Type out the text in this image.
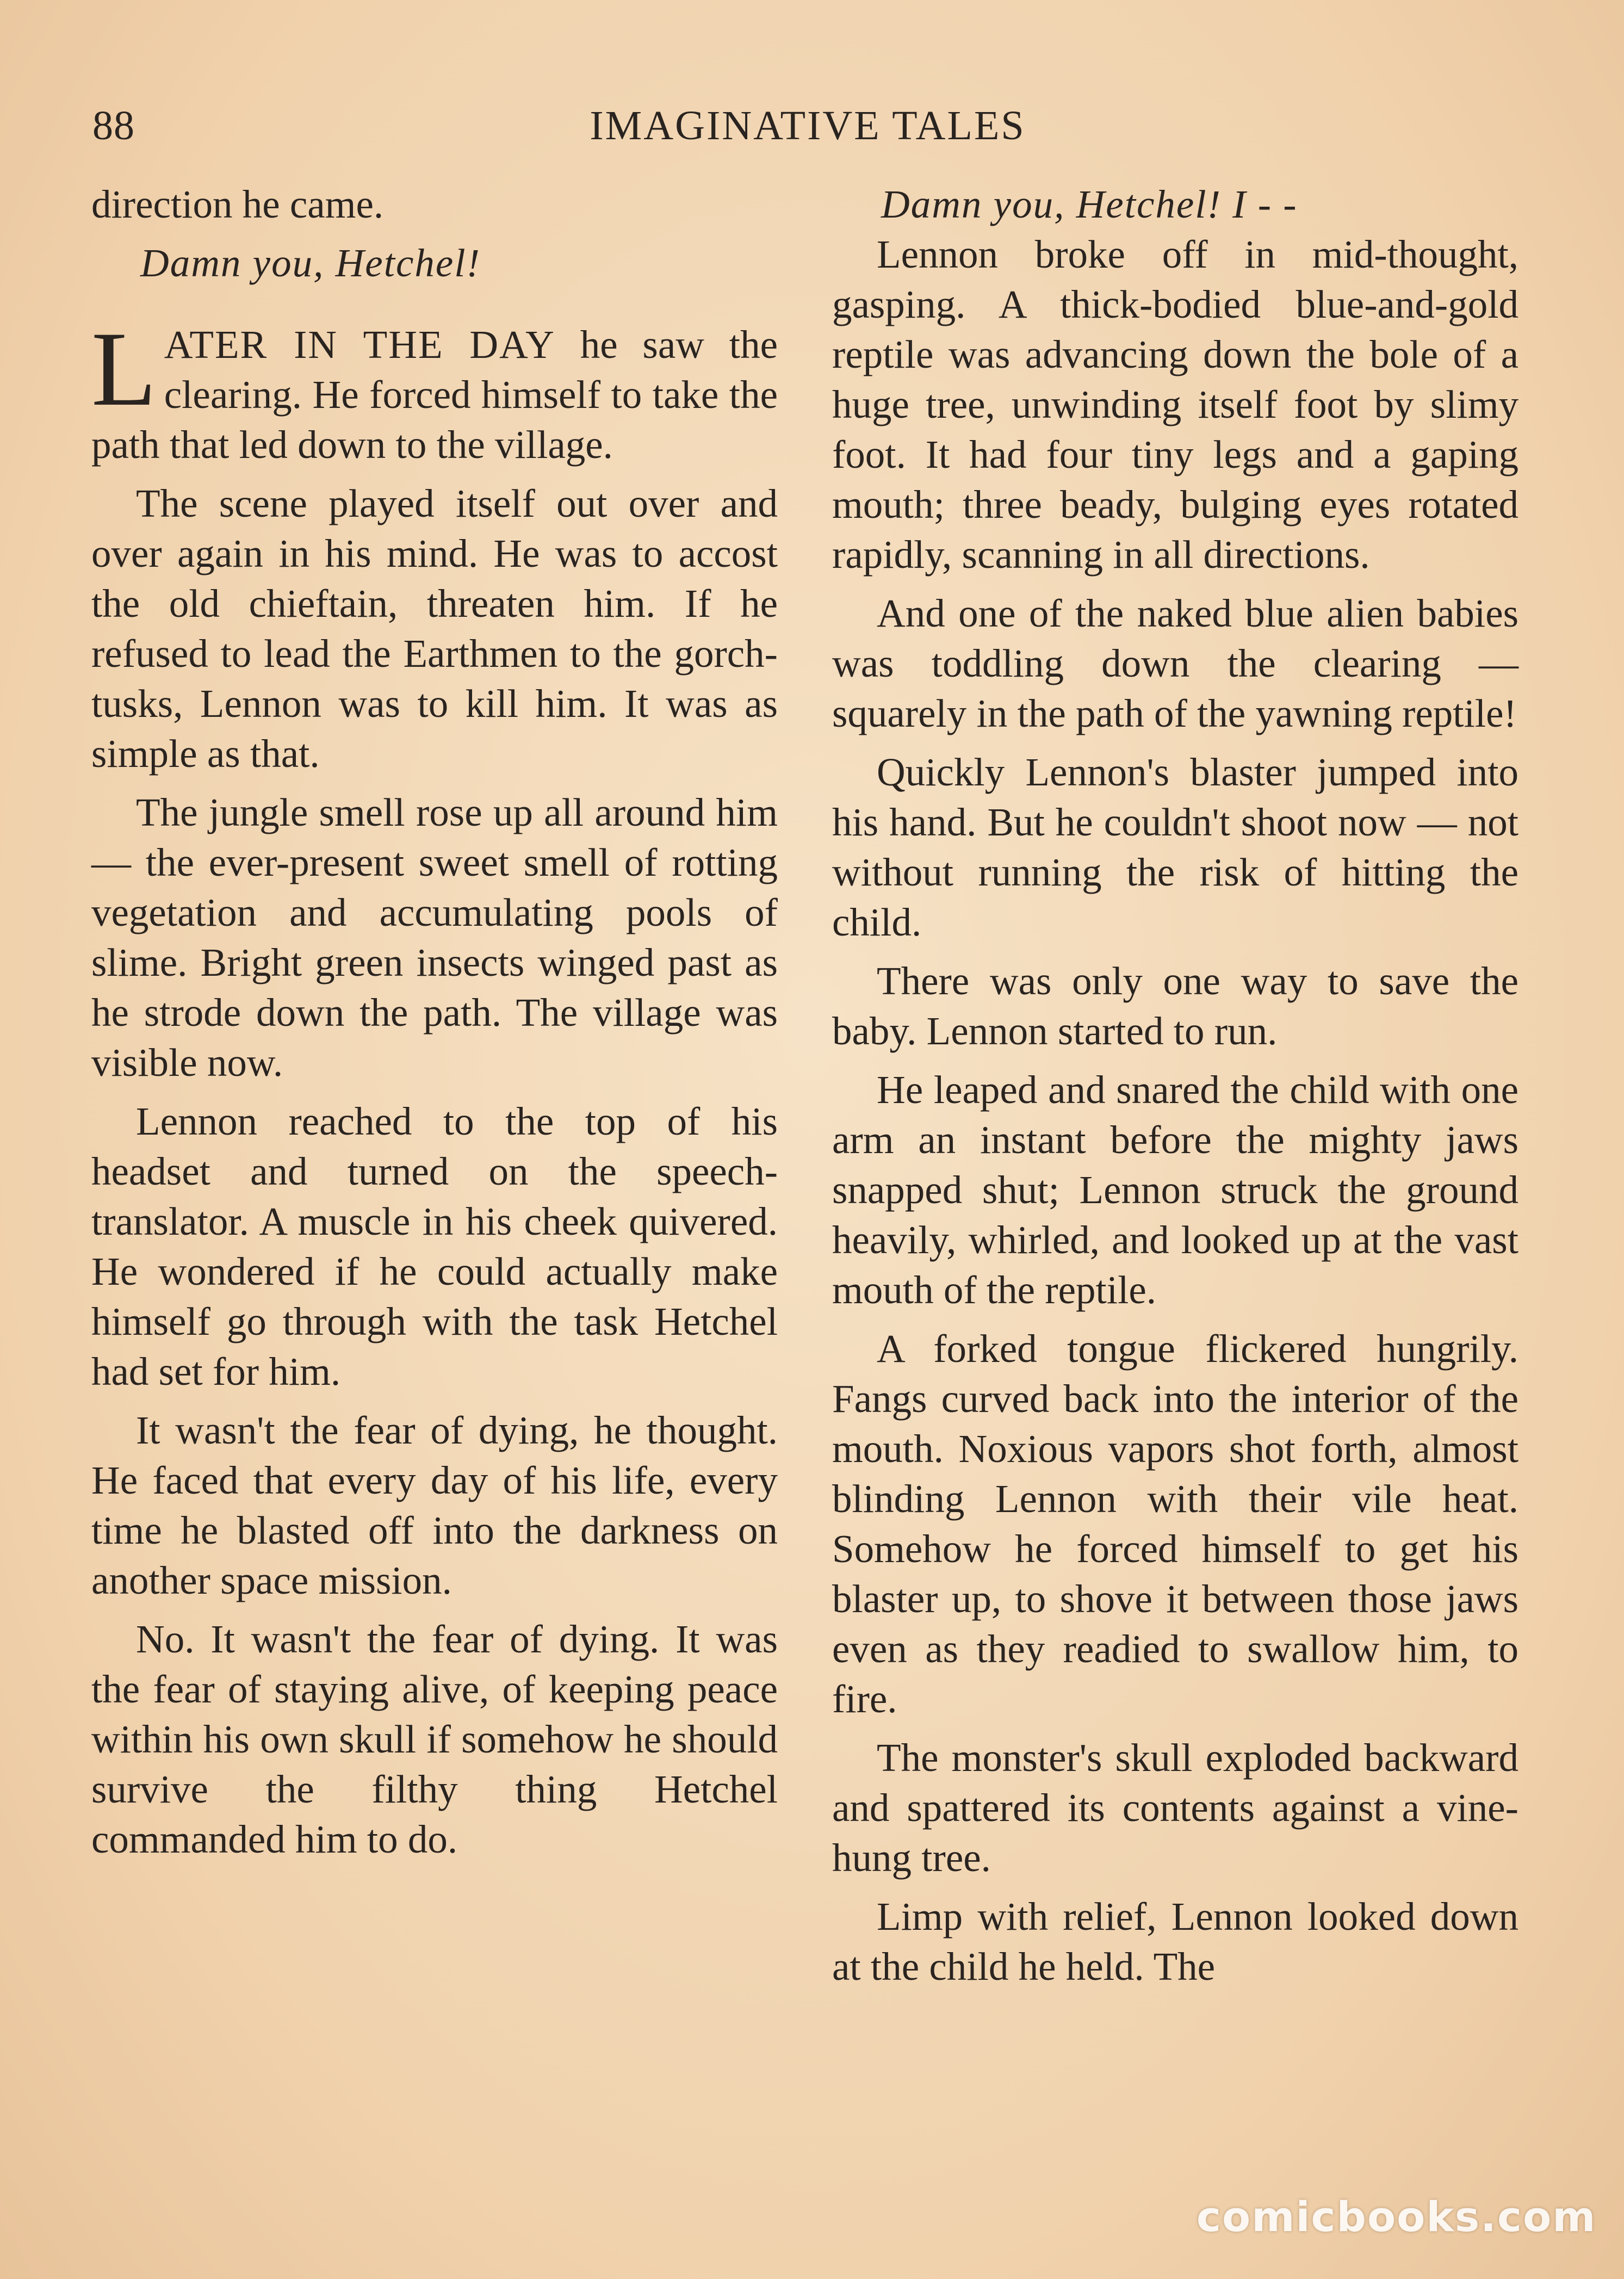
88	IMAGINATIVE TALES

direction he came.

Damn you, Hetchel!

LATER IN THE DAY he saw the clearing. He forced himself to take the path that led down to the village.

The scene played itself out over and over again in his mind. He was to accost the old chieftain, threaten him. If he refused to lead the Earthmen to the gorch-tusks, Lennon was to kill him. It was as simple as that.

The jungle smell rose up all around him — the ever-present sweet smell of rotting vegetation and accumulating pools of slime. Bright green insects winged past as he strode down the path. The village was visible now.

Lennon reached to the top of his headset and turned on the speech-translator. A muscle in his cheek quivered. He wondered if he could actually make himself go through with the task Hetchel had set for him.

It wasn't the fear of dying, he thought. He faced that every day of his life, every time he blasted off into the darkness on another space mission.

No. It wasn't the fear of dying. It was the fear of staying alive, of keeping peace within his own skull if somehow he should survive the filthy thing Hetchel commanded him to do.

Damn you, Hetchel! I - -

Lennon broke off in mid-thought, gasping. A thick-bodied blue-and-gold reptile was advancing down the bole of a huge tree, unwinding itself foot by slimy foot. It had four tiny legs and a gaping mouth; three beady, bulging eyes rotated rapidly, scanning in all directions.

And one of the naked blue alien babies was toddling down the clearing — squarely in the path of the yawning reptile!

Quickly Lennon's blaster jumped into his hand. But he couldn't shoot now — not without running the risk of hitting the child.

There was only one way to save the baby. Lennon started to run.

He leaped and snared the child with one arm an instant before the mighty jaws snapped shut; Lennon struck the ground heavily, whirled, and looked up at the vast mouth of the reptile.

A forked tongue flickered hungrily. Fangs curved back into the interior of the mouth. Noxious vapors shot forth, almost blinding Lennon with their vile heat. Somehow he forced himself to get his blaster up, to shove it between those jaws even as they readied to swallow him, to fire.

The monster's skull exploded backward and spattered its contents against a vine-hung tree.

Limp with relief, Lennon looked down at the child he held. The

comicbooks.com
